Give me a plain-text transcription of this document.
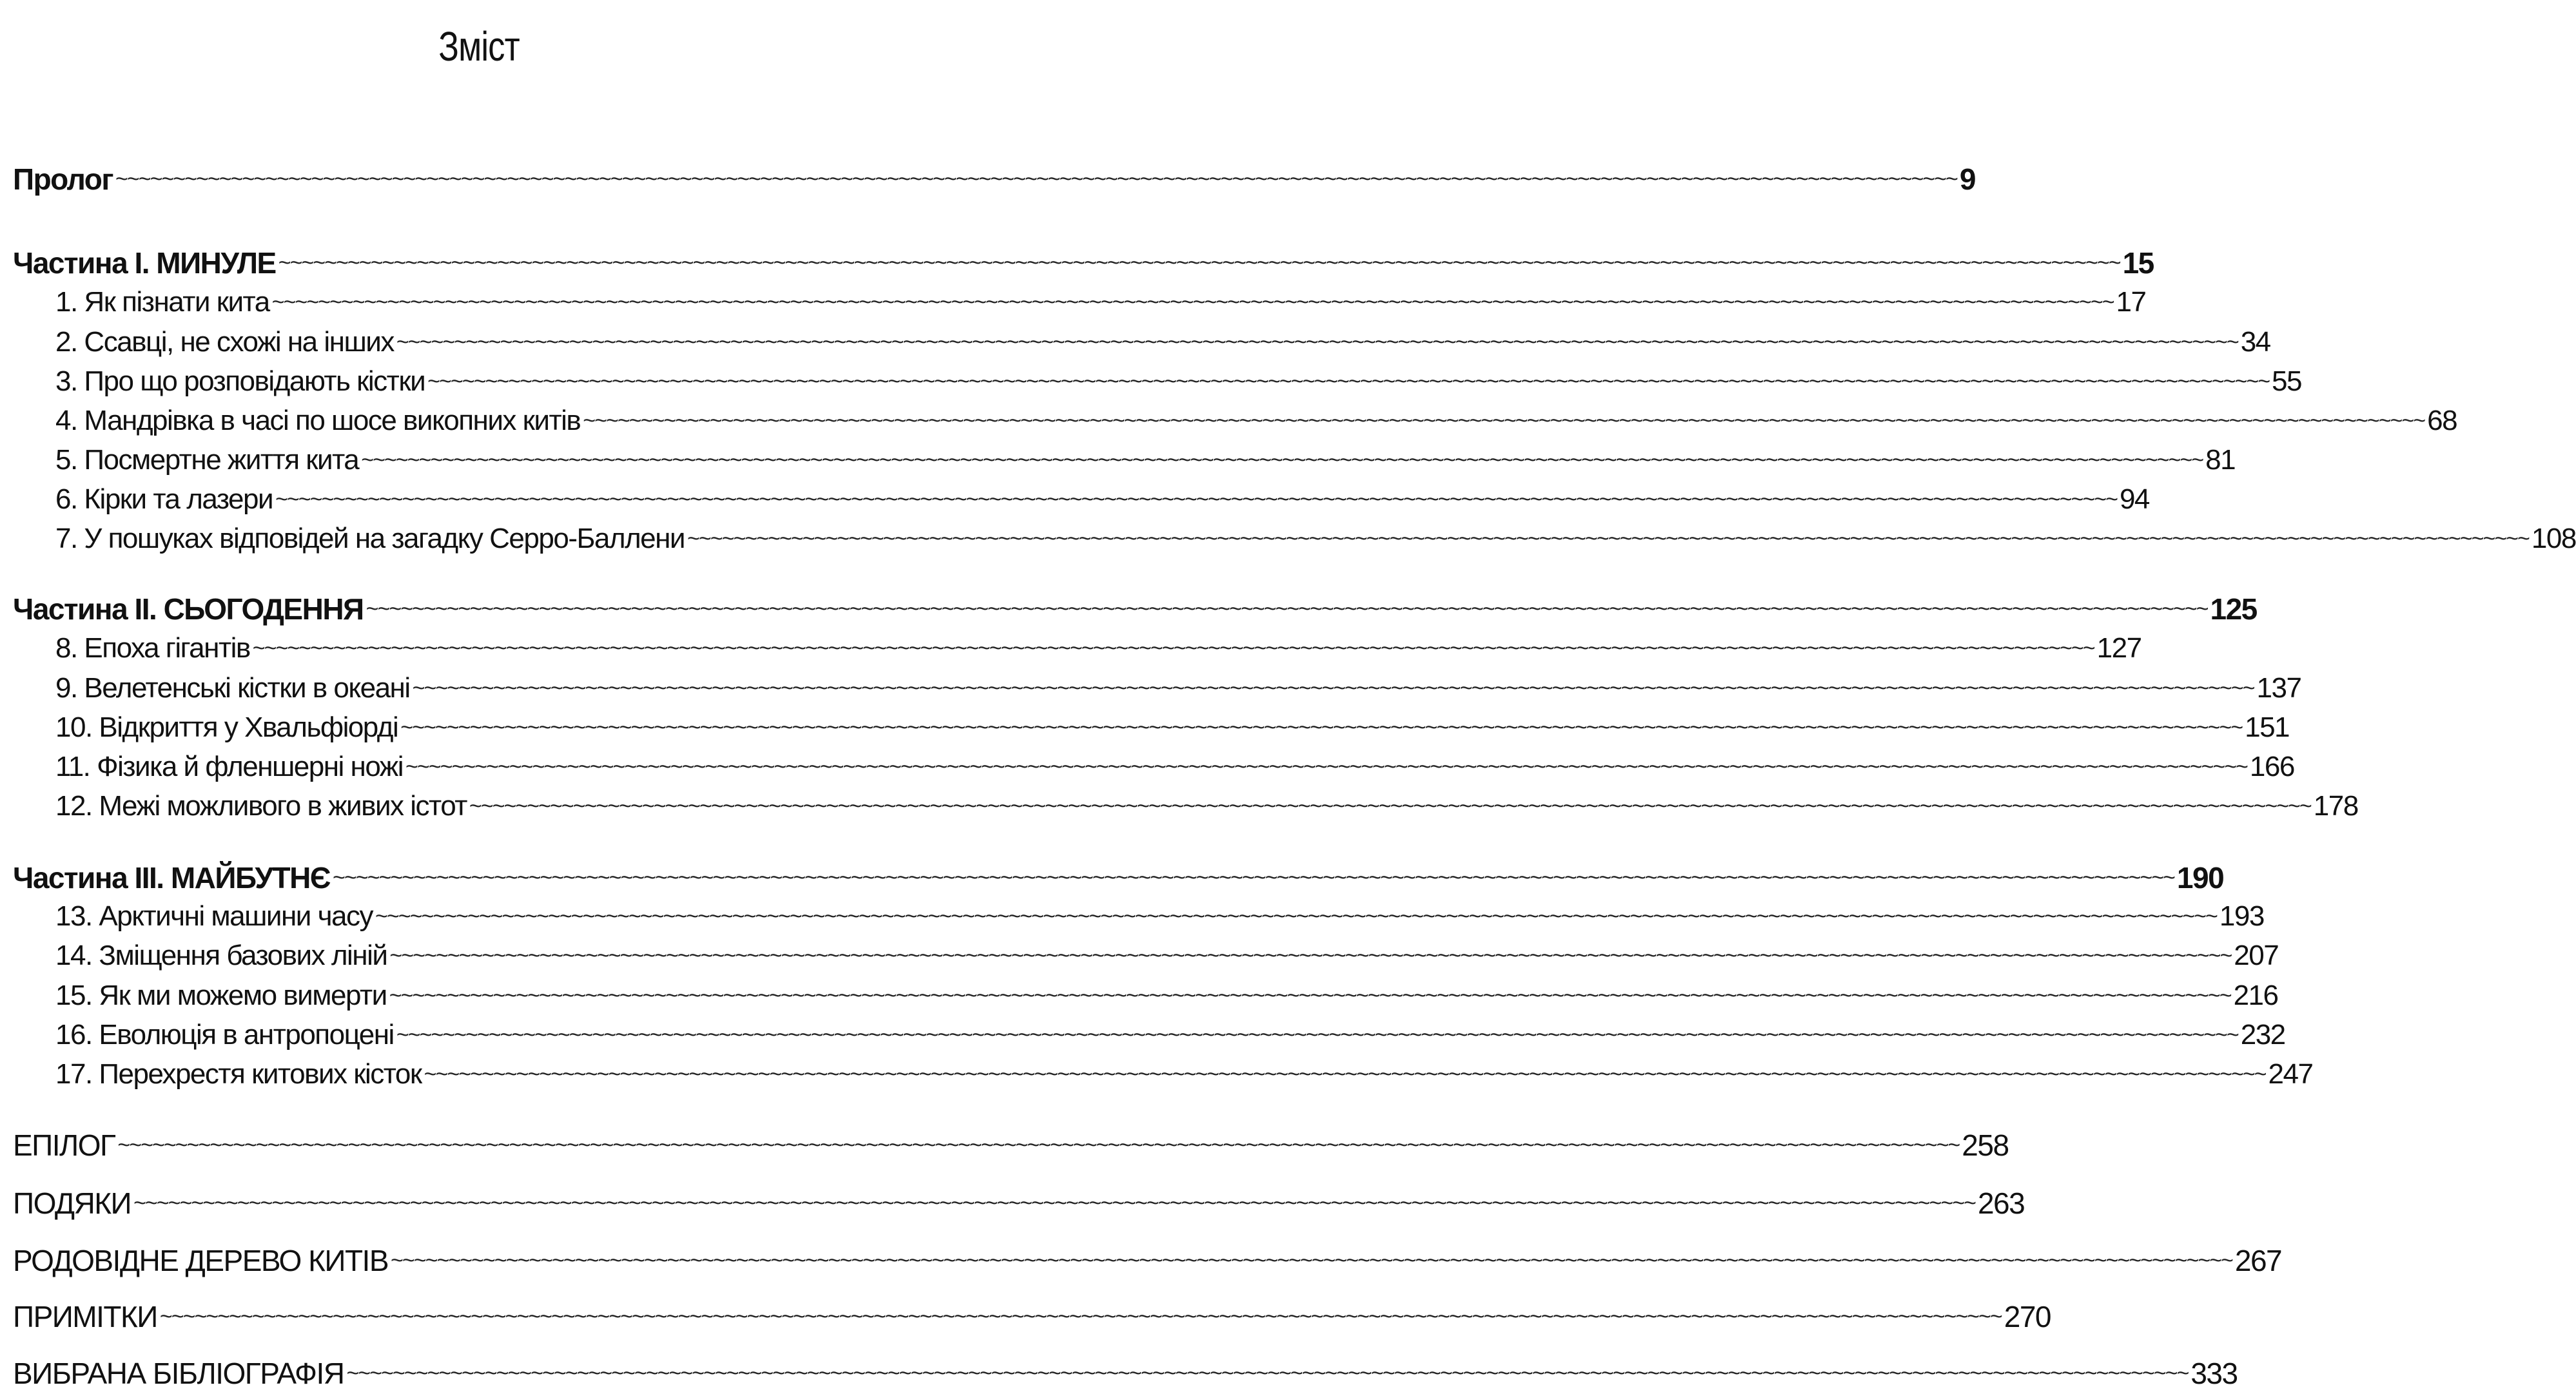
Зміст
Пролог ~~~~~~~~~~~~~~~~~~~~~~~~~~~~~~~~~~~~~~~~~~~~~~~~~~~~~~~~~~~~~~~~~~~~~~~~~~~~~~~~~~~~~~~~~~~~~~~~~~~~~~~~~~~~~~~~~~~~~~~~~~~~~~~~~~~~~~~~~~~~~~~~~~~~~~~~~~~~~~~~ 9
Частина I. МИНУЛЕ ~~~~~~~~~~~~~~~~~~~~~~~~~~~~~~~~~~~~~~~~~~~~~~~~~~~~~~~~~~~~~~~~~~~~~~~~~~~~~~~~~~~~~~~~~~~~~~~~~~~~~~~~~~~~~~~~~~~~~~~~~~~~~~~~~~~~~~~~~~~~~~~~~~~~~~~~~~~~~~~~ 15
1. Як пізнати кита ~~~~~~~~~~~~~~~~~~~~~~~~~~~~~~~~~~~~~~~~~~~~~~~~~~~~~~~~~~~~~~~~~~~~~~~~~~~~~~~~~~~~~~~~~~~~~~~~~~~~~~~~~~~~~~~~~~~~~~~~~~~~~~~~~~~~~~~~~~~~~~~~~~~~~~~~~~~~~~~~ 17
2. Ссавці, не схожі на інших ~~~~~~~~~~~~~~~~~~~~~~~~~~~~~~~~~~~~~~~~~~~~~~~~~~~~~~~~~~~~~~~~~~~~~~~~~~~~~~~~~~~~~~~~~~~~~~~~~~~~~~~~~~~~~~~~~~~~~~~~~~~~~~~~~~~~~~~~~~~~~~~~~~~~~~~~~~~~~~~~ 34
3. Про що розповідають кістки ~~~~~~~~~~~~~~~~~~~~~~~~~~~~~~~~~~~~~~~~~~~~~~~~~~~~~~~~~~~~~~~~~~~~~~~~~~~~~~~~~~~~~~~~~~~~~~~~~~~~~~~~~~~~~~~~~~~~~~~~~~~~~~~~~~~~~~~~~~~~~~~~~~~~~~~~~~~~~~~~ 55
4. Мандрівка в часі по шосе викопних китів ~~~~~~~~~~~~~~~~~~~~~~~~~~~~~~~~~~~~~~~~~~~~~~~~~~~~~~~~~~~~~~~~~~~~~~~~~~~~~~~~~~~~~~~~~~~~~~~~~~~~~~~~~~~~~~~~~~~~~~~~~~~~~~~~~~~~~~~~~~~~~~~~~~~~~~~~~~~~~~~~ 68
5. Посмертне життя кита ~~~~~~~~~~~~~~~~~~~~~~~~~~~~~~~~~~~~~~~~~~~~~~~~~~~~~~~~~~~~~~~~~~~~~~~~~~~~~~~~~~~~~~~~~~~~~~~~~~~~~~~~~~~~~~~~~~~~~~~~~~~~~~~~~~~~~~~~~~~~~~~~~~~~~~~~~~~~~~~~ 81
6. Кірки та лазери ~~~~~~~~~~~~~~~~~~~~~~~~~~~~~~~~~~~~~~~~~~~~~~~~~~~~~~~~~~~~~~~~~~~~~~~~~~~~~~~~~~~~~~~~~~~~~~~~~~~~~~~~~~~~~~~~~~~~~~~~~~~~~~~~~~~~~~~~~~~~~~~~~~~~~~~~~~~~~~~~ 94
7. У пошуках відповідей на загадку Серро-Баллени ~~~~~~~~~~~~~~~~~~~~~~~~~~~~~~~~~~~~~~~~~~~~~~~~~~~~~~~~~~~~~~~~~~~~~~~~~~~~~~~~~~~~~~~~~~~~~~~~~~~~~~~~~~~~~~~~~~~~~~~~~~~~~~~~~~~~~~~~~~~~~~~~~~~~~~~~~~~~~~~~ 108
Частина II. СЬОГОДЕННЯ ~~~~~~~~~~~~~~~~~~~~~~~~~~~~~~~~~~~~~~~~~~~~~~~~~~~~~~~~~~~~~~~~~~~~~~~~~~~~~~~~~~~~~~~~~~~~~~~~~~~~~~~~~~~~~~~~~~~~~~~~~~~~~~~~~~~~~~~~~~~~~~~~~~~~~~~~~~~~~~~~ 125
8. Епоха гігантів ~~~~~~~~~~~~~~~~~~~~~~~~~~~~~~~~~~~~~~~~~~~~~~~~~~~~~~~~~~~~~~~~~~~~~~~~~~~~~~~~~~~~~~~~~~~~~~~~~~~~~~~~~~~~~~~~~~~~~~~~~~~~~~~~~~~~~~~~~~~~~~~~~~~~~~~~~~~~~~~~ 127
9. Велетенські кістки в океані ~~~~~~~~~~~~~~~~~~~~~~~~~~~~~~~~~~~~~~~~~~~~~~~~~~~~~~~~~~~~~~~~~~~~~~~~~~~~~~~~~~~~~~~~~~~~~~~~~~~~~~~~~~~~~~~~~~~~~~~~~~~~~~~~~~~~~~~~~~~~~~~~~~~~~~~~~~~~~~~~ 137
10. Відкриття у Хвальфіорді ~~~~~~~~~~~~~~~~~~~~~~~~~~~~~~~~~~~~~~~~~~~~~~~~~~~~~~~~~~~~~~~~~~~~~~~~~~~~~~~~~~~~~~~~~~~~~~~~~~~~~~~~~~~~~~~~~~~~~~~~~~~~~~~~~~~~~~~~~~~~~~~~~~~~~~~~~~~~~~~~ 151
11. Фізика й фленшерні ножі ~~~~~~~~~~~~~~~~~~~~~~~~~~~~~~~~~~~~~~~~~~~~~~~~~~~~~~~~~~~~~~~~~~~~~~~~~~~~~~~~~~~~~~~~~~~~~~~~~~~~~~~~~~~~~~~~~~~~~~~~~~~~~~~~~~~~~~~~~~~~~~~~~~~~~~~~~~~~~~~~ 166
12. Межі можливого в живих істот ~~~~~~~~~~~~~~~~~~~~~~~~~~~~~~~~~~~~~~~~~~~~~~~~~~~~~~~~~~~~~~~~~~~~~~~~~~~~~~~~~~~~~~~~~~~~~~~~~~~~~~~~~~~~~~~~~~~~~~~~~~~~~~~~~~~~~~~~~~~~~~~~~~~~~~~~~~~~~~~~ 178
Частина III. МАЙБУТНЄ ~~~~~~~~~~~~~~~~~~~~~~~~~~~~~~~~~~~~~~~~~~~~~~~~~~~~~~~~~~~~~~~~~~~~~~~~~~~~~~~~~~~~~~~~~~~~~~~~~~~~~~~~~~~~~~~~~~~~~~~~~~~~~~~~~~~~~~~~~~~~~~~~~~~~~~~~~~~~~~~~ 190
13. Арктичні машини часу ~~~~~~~~~~~~~~~~~~~~~~~~~~~~~~~~~~~~~~~~~~~~~~~~~~~~~~~~~~~~~~~~~~~~~~~~~~~~~~~~~~~~~~~~~~~~~~~~~~~~~~~~~~~~~~~~~~~~~~~~~~~~~~~~~~~~~~~~~~~~~~~~~~~~~~~~~~~~~~~~ 193
14. Зміщення базових ліній ~~~~~~~~~~~~~~~~~~~~~~~~~~~~~~~~~~~~~~~~~~~~~~~~~~~~~~~~~~~~~~~~~~~~~~~~~~~~~~~~~~~~~~~~~~~~~~~~~~~~~~~~~~~~~~~~~~~~~~~~~~~~~~~~~~~~~~~~~~~~~~~~~~~~~~~~~~~~~~~~ 207
15. Як ми можемо вимерти ~~~~~~~~~~~~~~~~~~~~~~~~~~~~~~~~~~~~~~~~~~~~~~~~~~~~~~~~~~~~~~~~~~~~~~~~~~~~~~~~~~~~~~~~~~~~~~~~~~~~~~~~~~~~~~~~~~~~~~~~~~~~~~~~~~~~~~~~~~~~~~~~~~~~~~~~~~~~~~~~ 216
16. Еволюція в антропоцені ~~~~~~~~~~~~~~~~~~~~~~~~~~~~~~~~~~~~~~~~~~~~~~~~~~~~~~~~~~~~~~~~~~~~~~~~~~~~~~~~~~~~~~~~~~~~~~~~~~~~~~~~~~~~~~~~~~~~~~~~~~~~~~~~~~~~~~~~~~~~~~~~~~~~~~~~~~~~~~~~ 232
17. Перехрестя китових кісток ~~~~~~~~~~~~~~~~~~~~~~~~~~~~~~~~~~~~~~~~~~~~~~~~~~~~~~~~~~~~~~~~~~~~~~~~~~~~~~~~~~~~~~~~~~~~~~~~~~~~~~~~~~~~~~~~~~~~~~~~~~~~~~~~~~~~~~~~~~~~~~~~~~~~~~~~~~~~~~~~ 247
ЕПІЛОГ ~~~~~~~~~~~~~~~~~~~~~~~~~~~~~~~~~~~~~~~~~~~~~~~~~~~~~~~~~~~~~~~~~~~~~~~~~~~~~~~~~~~~~~~~~~~~~~~~~~~~~~~~~~~~~~~~~~~~~~~~~~~~~~~~~~~~~~~~~~~~~~~~~~~~~~~~~~~~~~~~ 258
ПОДЯКИ ~~~~~~~~~~~~~~~~~~~~~~~~~~~~~~~~~~~~~~~~~~~~~~~~~~~~~~~~~~~~~~~~~~~~~~~~~~~~~~~~~~~~~~~~~~~~~~~~~~~~~~~~~~~~~~~~~~~~~~~~~~~~~~~~~~~~~~~~~~~~~~~~~~~~~~~~~~~~~~~~ 263
РОДОВІДНЕ ДЕРЕВО КИТІВ ~~~~~~~~~~~~~~~~~~~~~~~~~~~~~~~~~~~~~~~~~~~~~~~~~~~~~~~~~~~~~~~~~~~~~~~~~~~~~~~~~~~~~~~~~~~~~~~~~~~~~~~~~~~~~~~~~~~~~~~~~~~~~~~~~~~~~~~~~~~~~~~~~~~~~~~~~~~~~~~~ 267
ПРИМІТКИ ~~~~~~~~~~~~~~~~~~~~~~~~~~~~~~~~~~~~~~~~~~~~~~~~~~~~~~~~~~~~~~~~~~~~~~~~~~~~~~~~~~~~~~~~~~~~~~~~~~~~~~~~~~~~~~~~~~~~~~~~~~~~~~~~~~~~~~~~~~~~~~~~~~~~~~~~~~~~~~~~ 270
ВИБРАНА БІБЛІОГРАФІЯ ~~~~~~~~~~~~~~~~~~~~~~~~~~~~~~~~~~~~~~~~~~~~~~~~~~~~~~~~~~~~~~~~~~~~~~~~~~~~~~~~~~~~~~~~~~~~~~~~~~~~~~~~~~~~~~~~~~~~~~~~~~~~~~~~~~~~~~~~~~~~~~~~~~~~~~~~~~~~~~~~ 333
